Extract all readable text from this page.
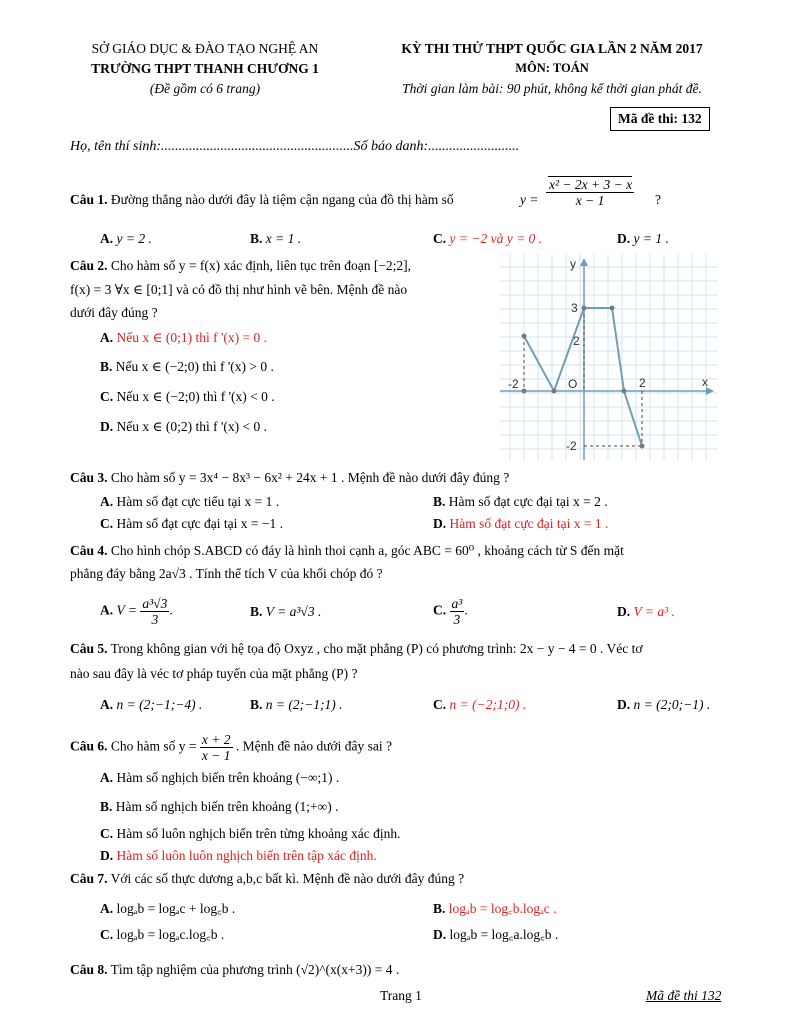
SỞ GIÁO DỤC & ĐÀO TẠO NGHỆ AN
TRƯỜNG THPT THANH CHƯƠNG 1
(Đề gồm có 6 trang)
KỲ THI THỬ THPT QUỐC GIA LẦN 2 NĂM 2017
MÔN: TOÁN
Thời gian làm bài: 90 phút, không kể thời gian phát đề.
Mã đề thi: 132
Họ, tên thí sinh:.......................................................Số báo danh:..........................
Câu 1. Đường thẳng nào dưới đây là tiệm cận ngang của đồ thị hàm số	$y = \frac{\text{x² − 2x + 3 − x}}{x - 1}$ ?
A. y = 2 .	B. x = 1 .	C. y = −2 và y = 0 .	D. y = 1 .
Câu 2. Cho hàm số y = f(x) xác định, liên tục trên đoạn [−2;2],
f(x) = 3 ∀x ∈ [0;1] và có đồ thị như hình vẽ bên. Mệnh đề nào
dưới đây đúng ?
A. Nếu x ∈ (0;1) thì f '(x) = 0 .
B. Nếu x ∈ (−2;0) thì f '(x) > 0 .
C. Nếu x ∈ (−2;0) thì f '(x) < 0 .
D. Nếu x ∈ (0;2) thì f '(x) < 0 .
y
x
O
3
2
-2	2
-2
Câu 3. Cho hàm số y = 3x⁴ − 8x³ − 6x² + 24x + 1 . Mệnh đề nào dưới đây đúng ?
A. Hàm số đạt cực tiểu tại x = 1 .	B. Hàm số đạt cực đại tại x = 2 .
C. Hàm số đạt cực đại tại x = −1 .	D. Hàm số đạt cực đại tại x = 1 .
Câu 4. Cho hình chóp S.ABCD có đáy là hình thoi cạnh a, góc ABC = 60⁰ , khoảng cách từ S đến mặt
phẳng đáy bằng 2a√3 . Tính thể tích V của khối chóp đó ?
A. $V = \frac{\text{a³√3}}{3}$ .	B. V = a³√3 .	C. $\frac{\text{a³}}{3}$ .	D. V = a³ .
Câu 5. Trong không gian với hệ tọa độ Oxyz , cho mặt phẳng (P) có phương trình: 2x − y − 4 = 0 . Véc tơ
nào sau đây là véc tơ pháp tuyến của mặt phẳng (P) ?
A. n = (2;−1;−4) .	B. n = (2;−1;1) .	C. n = (−2;1;0) .	D. n = (2;0;−1) .
Câu 6. Cho hàm số $y = \frac{x + 2}{x - 1}$ . Mệnh đề nào dưới đây sai ?
A. Hàm số nghịch biến trên khoảng (−∞;1) .
B. Hàm số nghịch biến trên khoảng (1;+∞) .
C. Hàm số luôn nghịch biến trên từng khoảng xác định.
D. Hàm số luôn luôn nghịch biến trên tập xác định.
Câu 7. Với các số thực dương a,b,c bất kì. Mệnh đề nào dưới đây đúng ?
A. logₐb = logₐc + log꜀b .	B. logₐb = log꜀b.logₐc .
C. logₐb = logₐc.log꜀b .	D. logₐb = log꜀a.log꜀b .
Câu 8. Tìm tập nghiệm của phương trình (√2)^(x(x+3)) = 4 .
Trang 1	Mã đề thi 132
